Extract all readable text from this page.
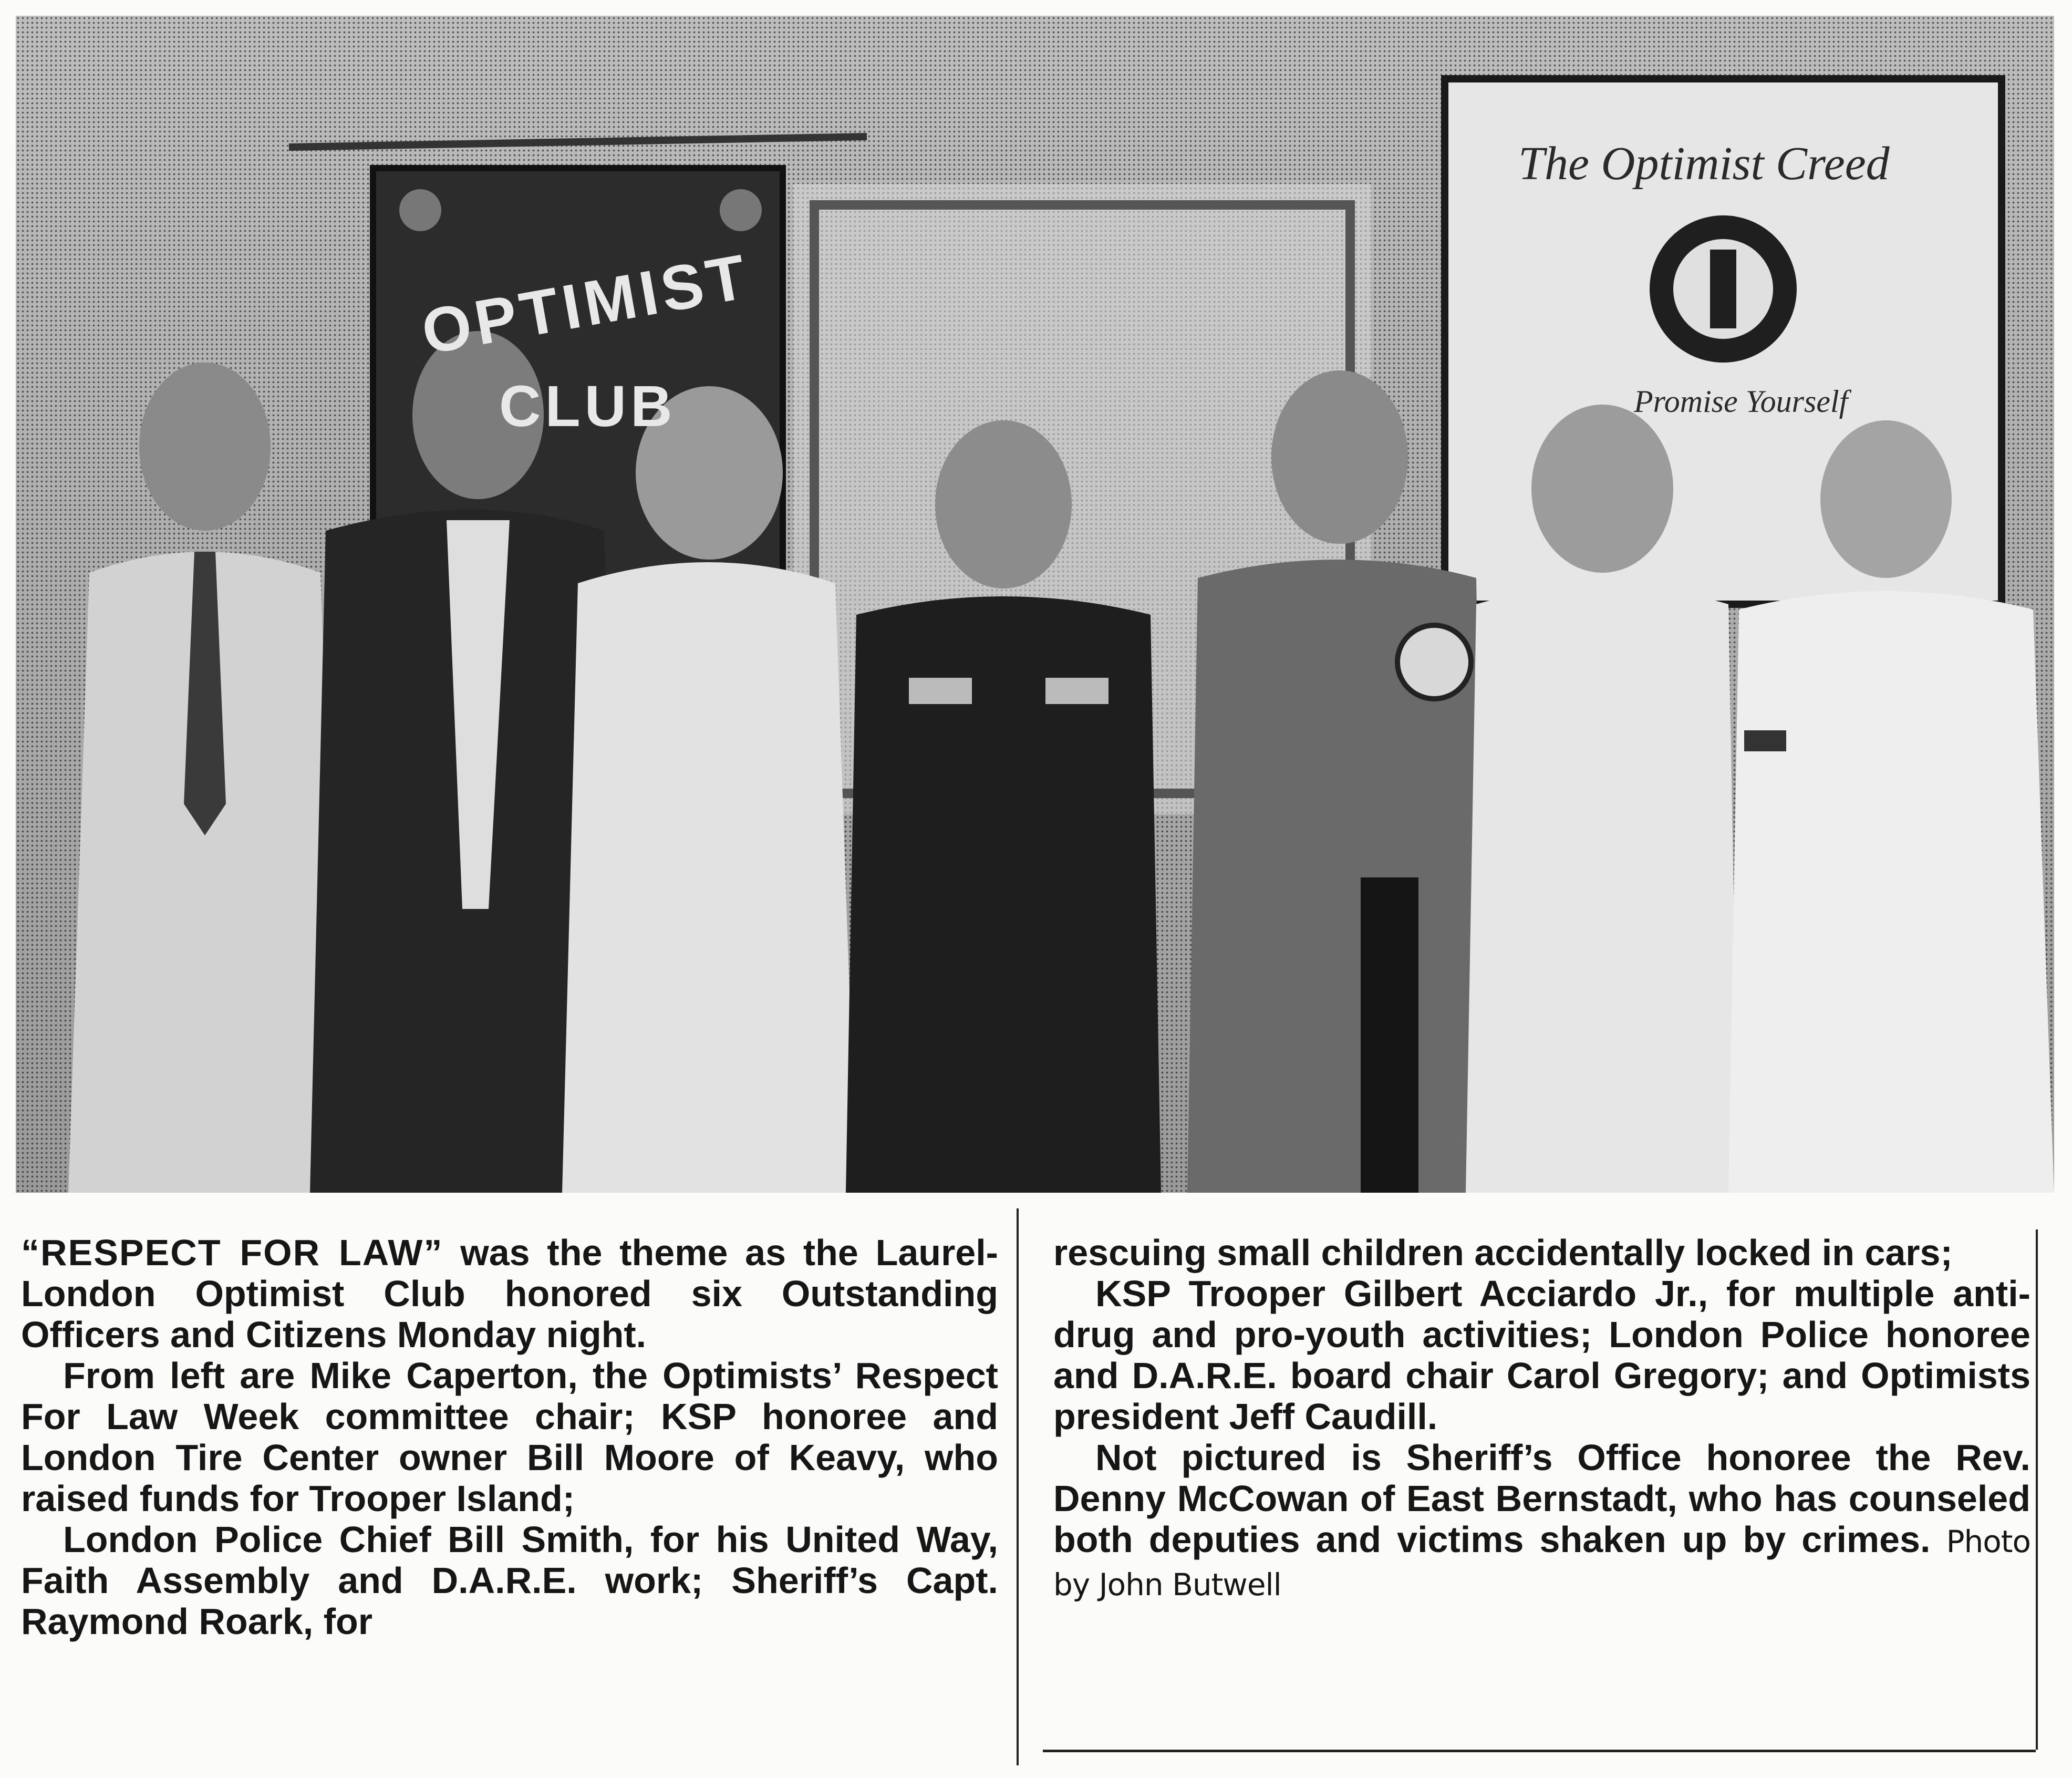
OPTIMIST
CLUB
The Optimist Creed
Promise Yourself

“RESPECT FOR LAW” was the theme as the Laurel-London Optimist Club honored six Outstanding Officers and Citizens Monday night.

From left are Mike Caperton, the Optimists’ Respect For Law Week committee chair; KSP honoree and London Tire Center owner Bill Moore of Keavy, who raised funds for Trooper Island;

London Police Chief Bill Smith, for his United Way, Faith Assembly and D.A.R.E. work; Sheriff’s Capt. Raymond Roark, for

rescuing small children accidentally locked in cars;

KSP Trooper Gilbert Acciardo Jr., for multiple anti-drug and pro-youth activities; London Police honoree and D.A.R.E. board chair Carol Gregory; and Optimists president Jeff Caudill.

Not pictured is Sheriff’s Office honoree the Rev. Denny McCowan of East Bernstadt, who has counseled both deputies and victims shaken up by crimes. Photo by John Butwell
